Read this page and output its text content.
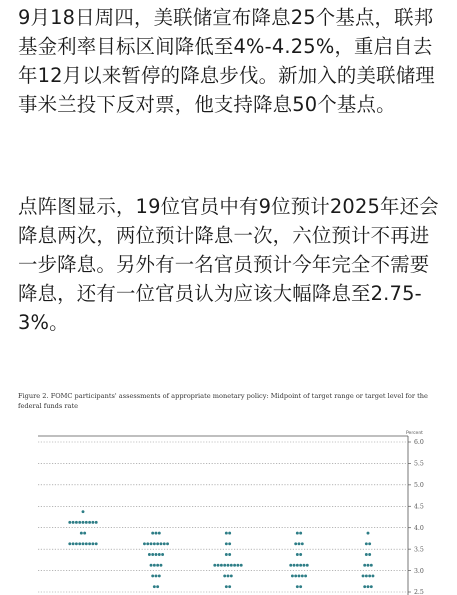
9月18日周四，美联储宣布降息25个基点，联邦基金利率目标区间降低至4%-4.25%，重启自去年12月以来暂停的降息步伐。新加入的美联储理事米兰投下反对票，他支持降息50个基点。

点阵图显示，19位官员中有9位预计2025年还会降息两次，两位预计降息一次，六位预计不再进一步降息。另外有一名官员预计今年完全不需要降息，还有一位官员认为应该大幅降息至2.75-3%。

Figure 2. FOMC participants' assessments of appropriate monetary policy: Midpoint of target range or target level for the federal funds rate
Percent
6.0
5.5
5.0
4.5
4.0
3.5
3.0
2.5
